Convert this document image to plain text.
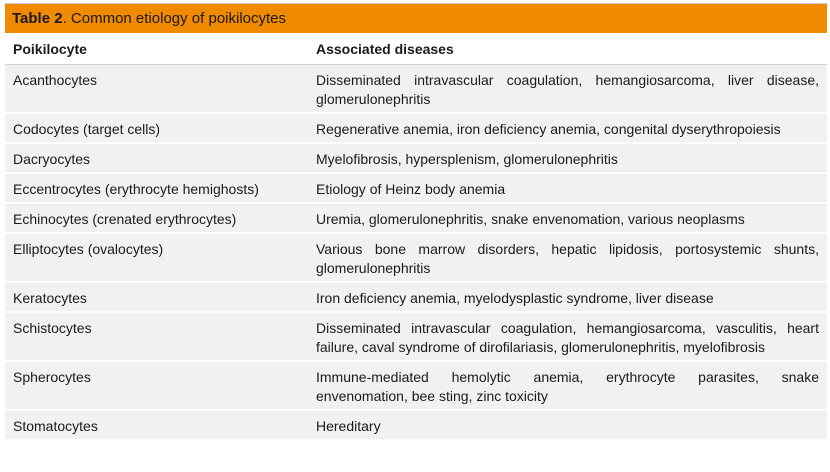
Table 2. Common etiology of poikilocytes
Poikilocyte	Associated diseases
Acanthocytes	Disseminated intravascular coagulation, hemangiosarcoma, liver disease, glomerulonephritis
Codocytes (target cells)	Regenerative anemia, iron deficiency anemia, congenital dyserythropoiesis
Dacryocytes	Myelofibrosis, hypersplenism, glomerulonephritis
Eccentrocytes (erythrocyte hemighosts)	Etiology of Heinz body anemia
Echinocytes (crenated erythrocytes)	Uremia, glomerulonephritis, snake envenomation, various neoplasms
Elliptocytes (ovalocytes)	Various bone marrow disorders, hepatic lipidosis, portosystemic shunts, glomerulonephritis
Keratocytes	Iron deficiency anemia, myelodysplastic syndrome, liver disease
Schistocytes	Disseminated intravascular coagulation, hemangiosarcoma, vasculitis, heart failure, caval syndrome of dirofilariasis, glomerulonephritis, myelofibrosis
Spherocytes	Immune-mediated hemolytic anemia, erythrocyte parasites, snake envenomation, bee sting, zinc toxicity
Stomatocytes	Hereditary
